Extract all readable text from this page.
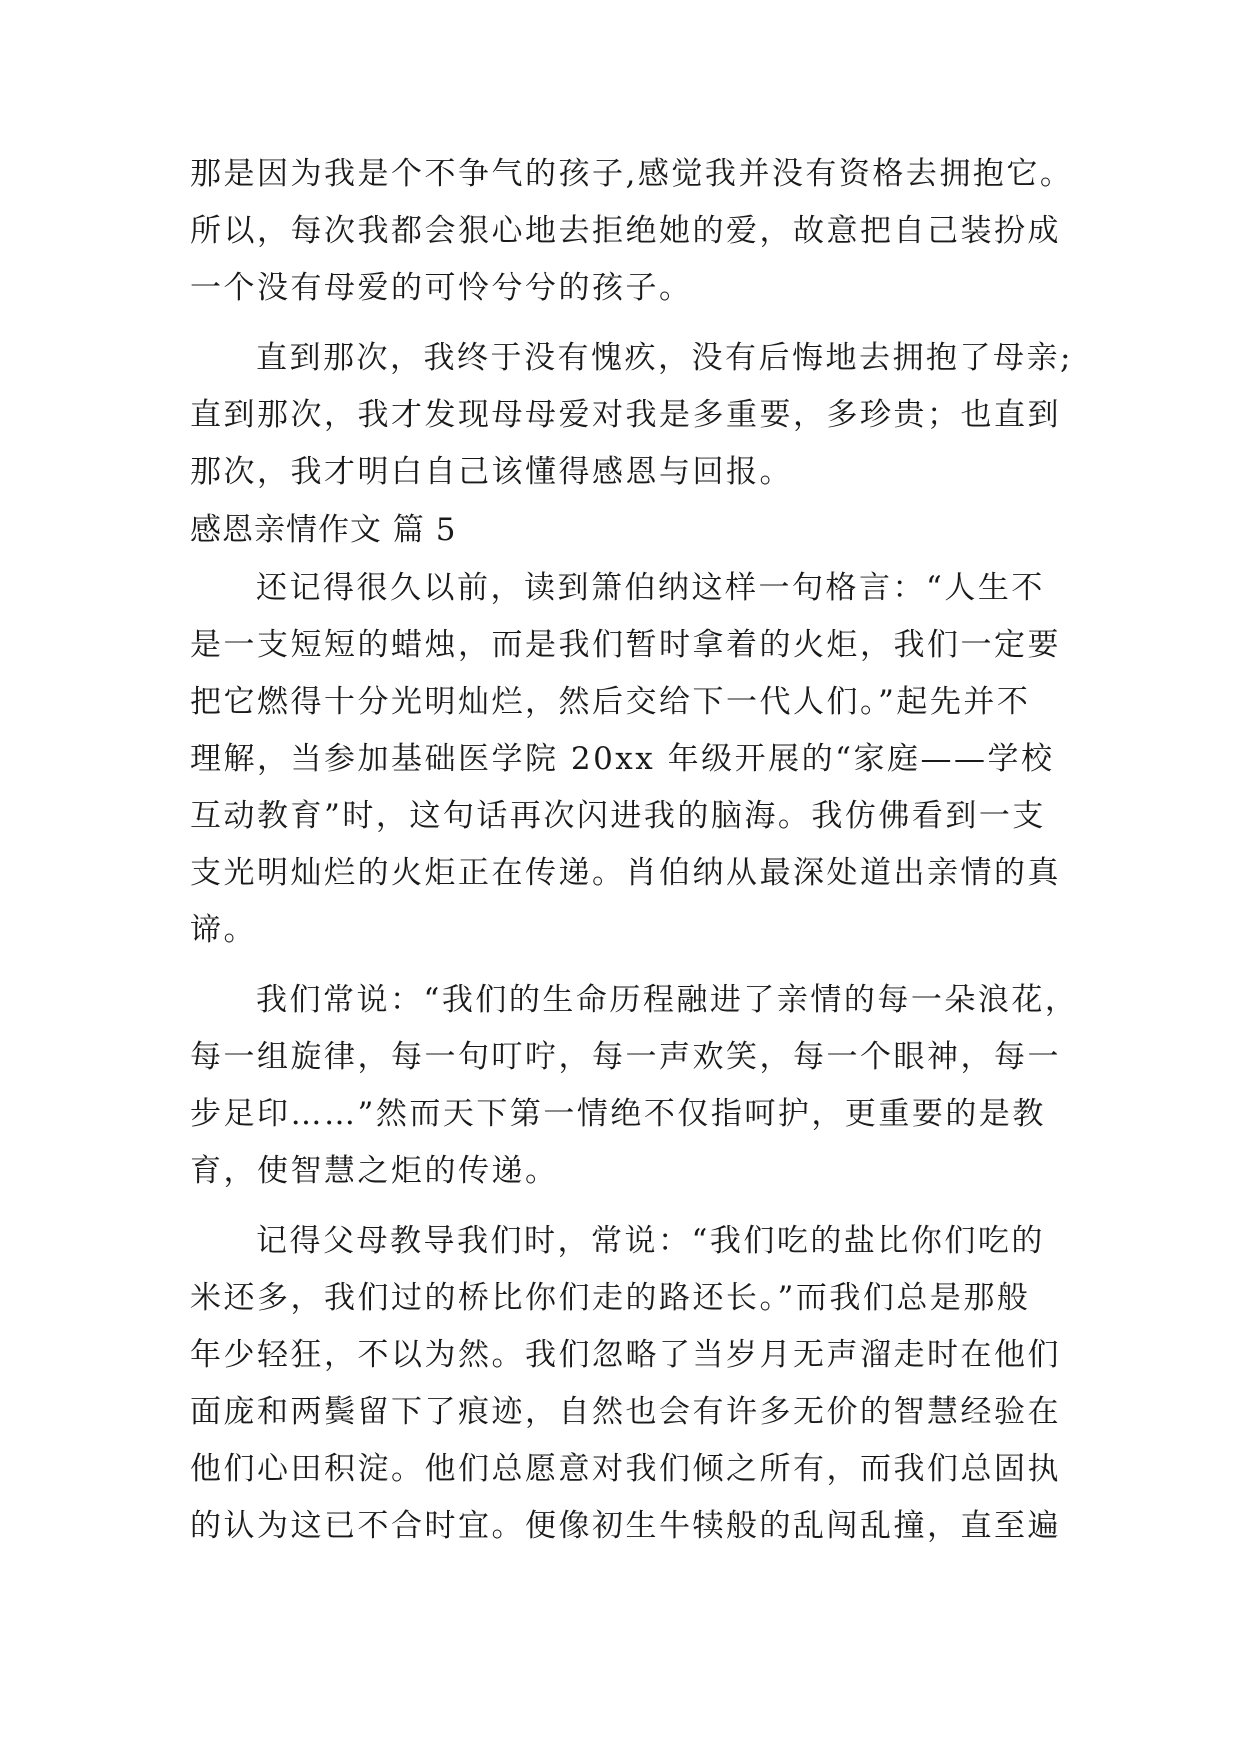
那是因为我是个不争气的孩子,感觉我并没有资格去拥抱它。
所以，每次我都会狠心地去拒绝她的爱，故意把自己装扮成
一个没有母爱的可怜兮兮的孩子。
直到那次，我终于没有愧疚，没有后悔地去拥抱了母亲;
直到那次，我才发现母母爱对我是多重要，多珍贵；也直到
那次，我才明白自己该懂得感恩与回报。
感恩亲情作文 篇 5
还记得很久以前，读到箫伯纳这样一句格言：“人生不
是一支短短的蜡烛，而是我们暂时拿着的火炬，我们一定要
把它燃得十分光明灿烂，然后交给下一代人们。”起先并不
理解，当参加基础医学院 20xx 年级开展的“家庭——学校
互动教育”时，这句话再次闪进我的脑海。我仿佛看到一支
支光明灿烂的火炬正在传递。肖伯纳从最深处道出亲情的真
谛。
我们常说：“我们的生命历程融进了亲情的每一朵浪花，
每一组旋律，每一句叮咛，每一声欢笑，每一个眼神，每一
步足印……”然而天下第一情绝不仅指呵护，更重要的是教
育，使智慧之炬的传递。
记得父母教导我们时，常说：“我们吃的盐比你们吃的
米还多，我们过的桥比你们走的路还长。”而我们总是那般
年少轻狂，不以为然。我们忽略了当岁月无声溜走时在他们
面庞和两鬓留下了痕迹，自然也会有许多无价的智慧经验在
他们心田积淀。他们总愿意对我们倾之所有，而我们总固执
的认为这已不合时宜。便像初生牛犊般的乱闯乱撞，直至遍
